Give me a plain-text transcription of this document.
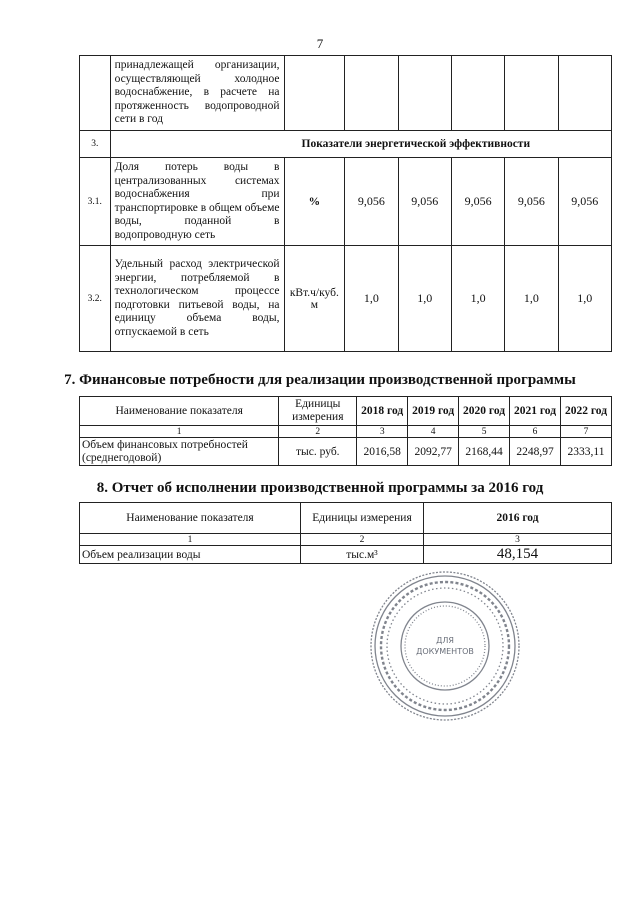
7
	принадлежащей организации, осуществляющей холодное водоснабжение, в расчете на протяженность водопроводной сети в год						
3.	Показатели энергетической эффективности						
3.1.	Доля потерь воды в централизованных системах водоснабжения при транспортировке в общем объеме воды, поданной в водопроводную сеть	%	9,056	9,056	9,056	9,056	9,056
3.2.	Удельный расход электрической энергии, потребляемой в технологическом процессе подготовки питьевой воды, на единицу объема воды, отпускаемой в сеть	кВт.ч/куб. м	1,0	1,0	1,0	1,0	1,0
7. Финансовые потребности для реализации производственной программы
Наименование показателя	Единицы измерения	2018 год	2019 год	2020 год	2021 год	2022 год
1	2	3	4	5	6	7
Объем финансовых потребностей (среднегодовой)	тыс. руб.	2016,58	2092,77	2168,44	2248,97	2333,11
8. Отчет об исполнении производственной программы за 2016 год
Наименование показателя	Единицы измерения	2016 год
1	2	3
Объем реализации воды	тыс.м³	48,154
ДЛЯ
ДОКУМЕНТОВ
